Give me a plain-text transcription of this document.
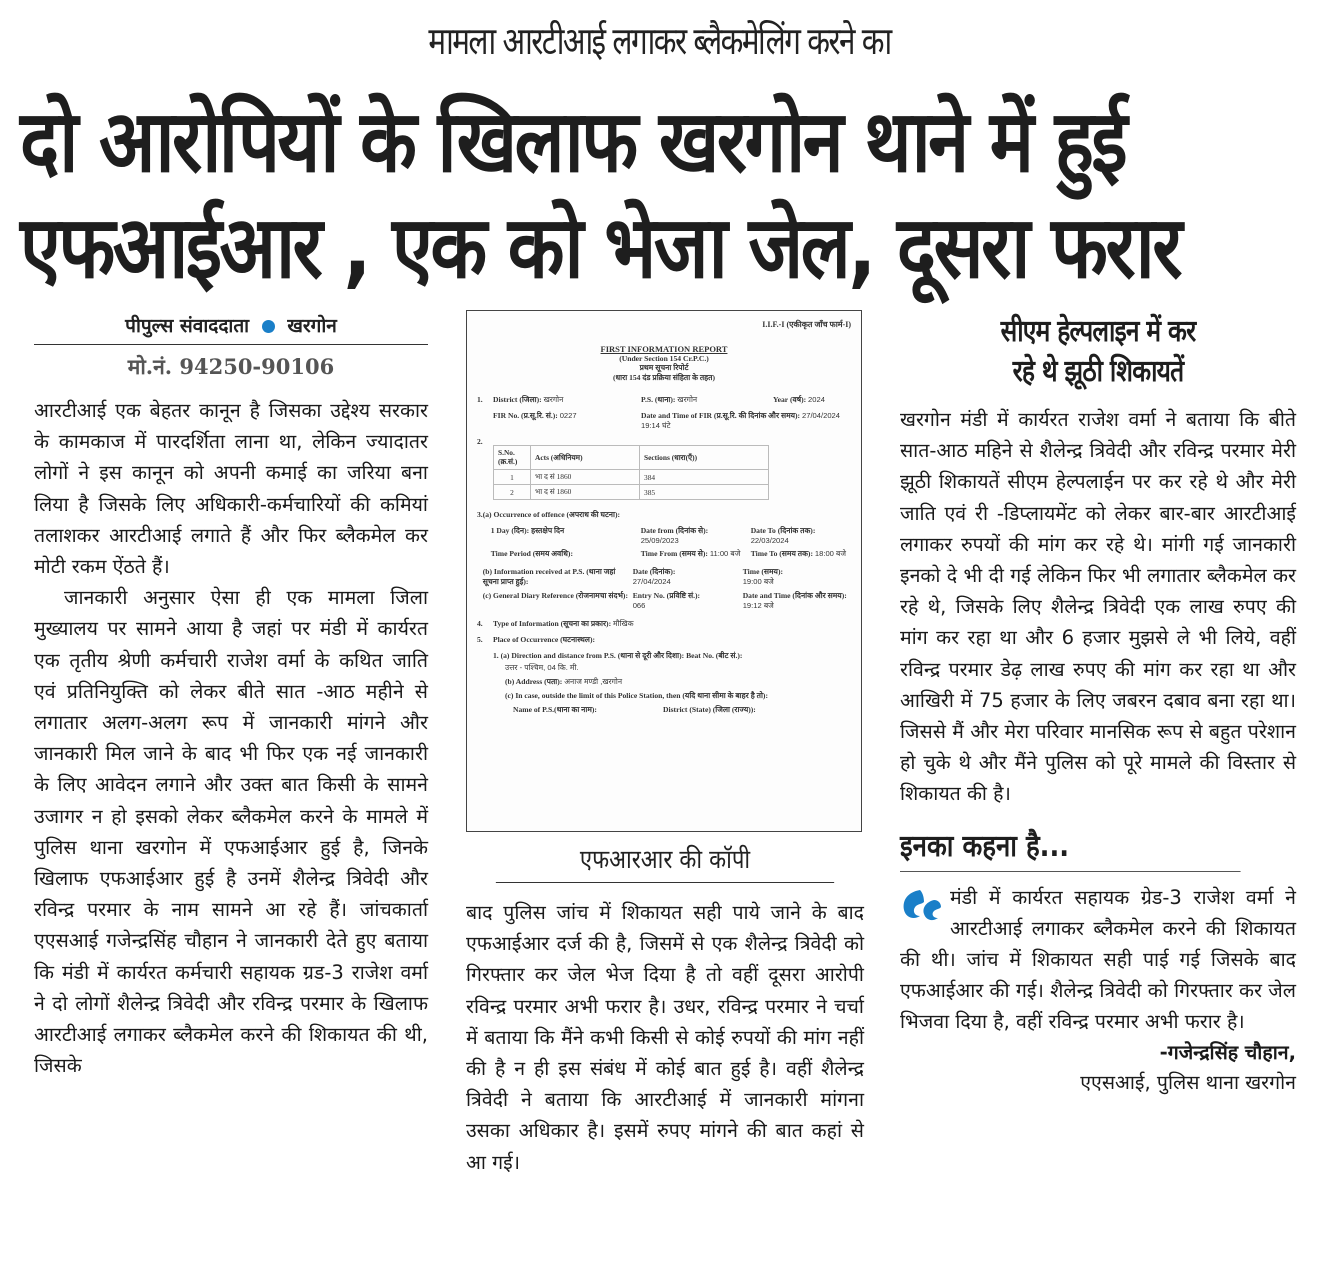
मामला आरटीआई लगाकर ब्लैकमेलिंग करने का
दो आरोपियों के खिलाफ खरगोन थाने में हुई
एफआईआर , एक को भेजा जेल, दूसरा फरार
पीपुल्स संवाददाता खरगोन
मो.नं. 94250-90106

आरटीआई एक बेहतर कानून है जिसका उद्देश्य सरकार के कामकाज में पारदर्शिता लाना था, लेकिन ज्यादातर लोगों ने इस कानून को अपनी कमाई का जरिया बना लिया है जिसके लिए अधिकारी-कर्मचारियों की कमियां तलाशकर आरटीआई लगाते हैं और फिर ब्लैकमेल कर मोटी रकम ऐंठते हैं।

जानकारी अनुसार ऐसा ही एक मामला जिला मुख्यालय पर सामने आया है जहां पर मंडी में कार्यरत एक तृतीय श्रेणी कर्मचारी राजेश वर्मा के कथित जाति एवं प्रतिनियुक्ति को लेकर बीते सात -आठ महीने से लगातार अलग-अलग रूप में जानकारी मांगने और जानकारी मिल जाने के बाद भी फिर एक नई जानकारी के लिए आवेदन लगाने और उक्त बात किसी के सामने उजागर न हो इसको लेकर ब्लैकमेल करने के मामले में पुलिस थाना खरगोन में एफआईआर हुई है, जिनके खिलाफ एफआईआर हुई है उनमें शैलेन्द्र त्रिवेदी और रविन्द्र परमार के नाम सामने आ रहे हैं। जांचकार्ता एएसआई गजेन्द्रसिंह चौहान ने जानकारी देते हुए बताया कि मंडी में कार्यरत कर्मचारी सहायक ग्रड-3 राजेश वर्मा ने दो लोगों शैलेन्द्र त्रिवेदी और रविन्द्र परमार के खिलाफ आरटीआई लगाकर ब्लैकमेल करने की शिकायत की थी, जिसके

I.I.F.-I (एकीकृत जाँच फार्म-I)
FIRST INFORMATION REPORT
(Under Section 154 Cr.P.C.)
प्रथम सूचना रिपोर्ट
(धारा 154 दंड प्रक्रिया संहिता के तहत)
1.	District (जिला): खरगोन	P.S. (थाना): खरगोन	Year (वर्ष): 2024
FIR No. (प्र.सू.रि. सं.): 0227	Date and Time of FIR (प्र.सू.रि. की दिनांक और समय): 27/04/2024 19:14 घंटे
2.
S.No. (क्र.सं.)	Acts (अधिनियम)	Sections (धारा(एँ))
1	भा द सं 1860	384
2	भा द सं 1860	385
3. (a) Occurrence of offence (अपराध की घटना):
1 Day (दिन): हस्तक्षेप दिन	Date from (दिनांक से):
25/09/2023
Date To (दिनांक तक):
22/03/2024
Time Period (समय अवधि):	Time From (समय से): 11:00 बजे	Time To (समय तक): 18:00 बजे
(b) Information received at P.S. (थाना जहां सूचना प्राप्त हुई):
Date (दिनांक):
27/04/2024
Time (समय):
19:00 बजे
(c) General Diary Reference (रोजनामचा संदर्भ): Entry No. (प्रविष्टि सं.):
066
Date and Time (दिनांक और समय): 19:12 बजे
4.	Type of Information (सूचना का प्रकार): मौखिक
5.	Place of Occurrence (घटनास्थल):
1. (a) Direction and distance from P.S. (थाना से दूरी और दिशा): Beat No. (बीट सं.):
उत्तर - पश्चिम, 04 कि. मी.
(b) Address (पता): अनाज मण्डी ,खरगोन
(c) In case, outside the limit of this Police Station, then (यदि थाना सीमा के बाहर है तो):
Name of P.S.(थाना का नाम):	District (State) (जिला (राज्य)):
एफआरआर की कॉपी

बाद पुलिस जांच में शिकायत सही पाये जाने के बाद एफआईआर दर्ज की है, जिसमें से एक शैलेन्द्र त्रिवेदी को गिरफ्तार कर जेल भेज दिया है तो वहीं दूसरा आरोपी रविन्द्र परमार अभी फरार है। उधर, रविन्द्र परमार ने चर्चा में बताया कि मैंने कभी किसी से कोई रुपयों की मांग नहीं की है न ही इस संबंध में कोई बात हुई है। वहीं शैलेन्द्र त्रिवेदी ने बताया कि आरटीआई में जानकारी मांगना उसका अधिकार है। इसमें रुपए मांगने की बात कहां से आ गई।

सीएम हेल्पलाइन में कर
रहे थे झूठी शिकायतें

खरगोन मंडी में कार्यरत राजेश वर्मा ने बताया कि बीते सात-आठ महिने से शैलेन्द्र त्रिवेदी और रविन्द्र परमार मेरी झूठी शिकायतें सीएम हेल्पलाईन पर कर रहे थे और मेरी जाति एवं री -डिप्लायमेंट को लेकर बार-बार आरटीआई लगाकर रुपयों की मांग कर रहे थे। मांगी गई जानकारी इनको दे भी दी गई लेकिन फिर भी लगातार ब्लैकमेल कर रहे थे, जिसके लिए शैलेन्द्र त्रिवेदी एक लाख रुपए की मांग कर रहा था और 6 हजार मुझसे ले भी लिये, वहीं रविन्द्र परमार डेढ़ लाख रुपए की मांग कर रहा था और आखिरी में 75 हजार के लिए जबरन दबाव बना रहा था। जिससे मैं और मेरा परिवार मानसिक रूप से बहुत परेशान हो चुके थे और मैंने पुलिस को पूरे मामले की विस्तार से शिकायत की है।

इनका कहना है...

मंडी में कार्यरत सहायक ग्रेड-3 राजेश वर्मा ने आरटीआई लगाकर ब्लैकमेल करने की शिकायत की थी। जांच में शिकायत सही पाई गई जिसके बाद एफआईआर की गई। शैलेन्द्र त्रिवेदी को गिरफ्तार कर जेल भिजवा दिया है, वहीं रविन्द्र परमार अभी फरार है।

-गजेन्द्रसिंह चौहान,
एएसआई, पुलिस थाना खरगोन
